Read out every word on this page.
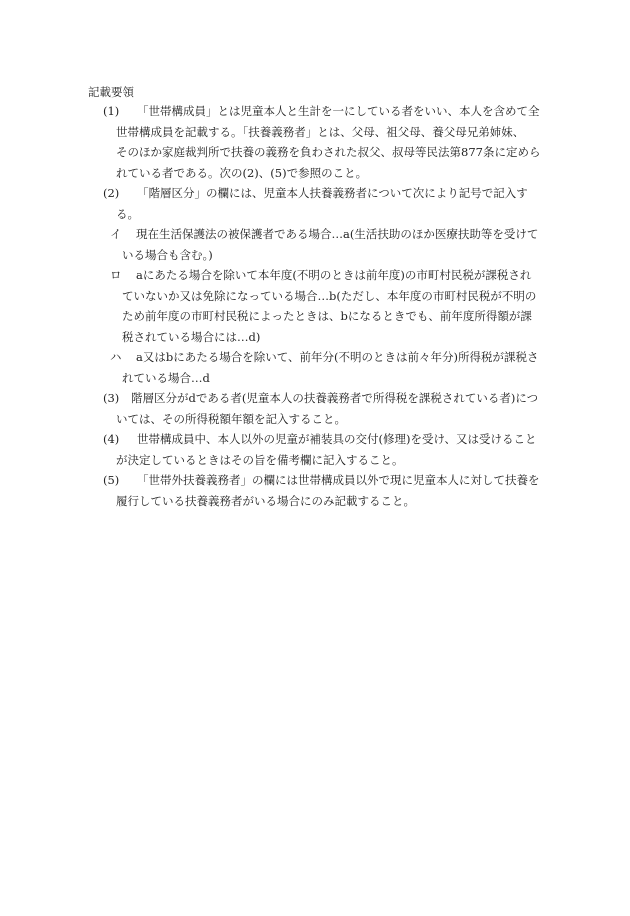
記載要領
(1) 「世帯構成員」とは児童本人と生計を一にしている者をいい、本人を含めて全
世帯構成員を記載する。「扶養義務者」とは、父母、祖父母、養父母兄弟姉妹、
そのほか家庭裁判所で扶養の義務を負わされた叔父、叔母等民法第877条に定めら
れている者である。次の(2)、(5)で参照のこと。
(2) 「階層区分」の欄には、児童本人扶養義務者について次により記号で記入す
る。
イ 現在生活保護法の被保護者である場合…a(生活扶助のほか医療扶助等を受けて
いる場合も含む。)
ロ aにあたる場合を除いて本年度(不明のときは前年度)の市町村民税が課税され
ていないか又は免除になっている場合…b(ただし、本年度の市町村民税が不明の
ため前年度の市町村民税によったときは、bになるときでも、前年度所得額が課
税されている場合には…d)
ハ a又はbにあたる場合を除いて、前年分(不明のときは前々年分)所得税が課税さ
れている場合…d
(3) 階層区分がdである者(児童本人の扶養義務者で所得税を課税されている者)につ
いては、その所得税額年額を記入すること。
(4) 世帯構成員中、本人以外の児童が補装具の交付(修理)を受け、又は受けること
が決定しているときはその旨を備考欄に記入すること。
(5) 「世帯外扶養義務者」の欄には世帯構成員以外で現に児童本人に対して扶養を
履行している扶養義務者がいる場合にのみ記載すること。
